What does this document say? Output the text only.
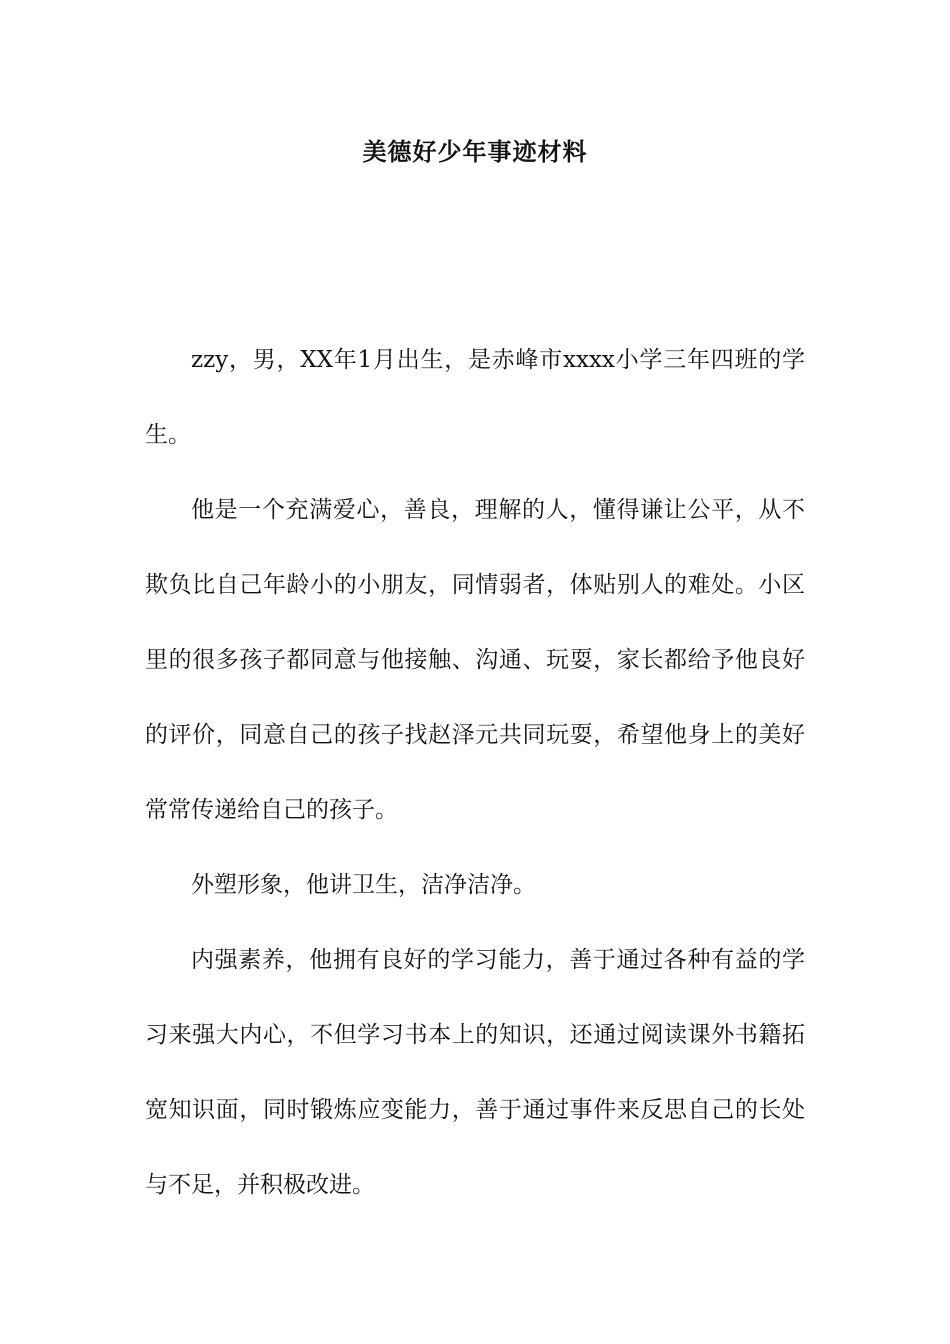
美德好少年事迹材料

zzy，男，XX年1月出生，是赤峰市xxxx小学三年四班的学生。

他是一个充满爱心，善良，理解的人，懂得谦让公平，从不欺负比自己年龄小的小朋友，同情弱者，体贴别人的难处。小区里的很多孩子都同意与他接触、沟通、玩耍，家长都给予他良好的评价，同意自己的孩子找赵泽元共同玩耍，希望他身上的美好常常传递给自己的孩子。

外塑形象，他讲卫生，洁净洁净。

内强素养，他拥有良好的学习能力，善于通过各种有益的学习来强大内心，不但学习书本上的知识，还通过阅读课外书籍拓宽知识面，同时锻炼应变能力，善于通过事件来反思自己的长处与不足，并积极改进。
